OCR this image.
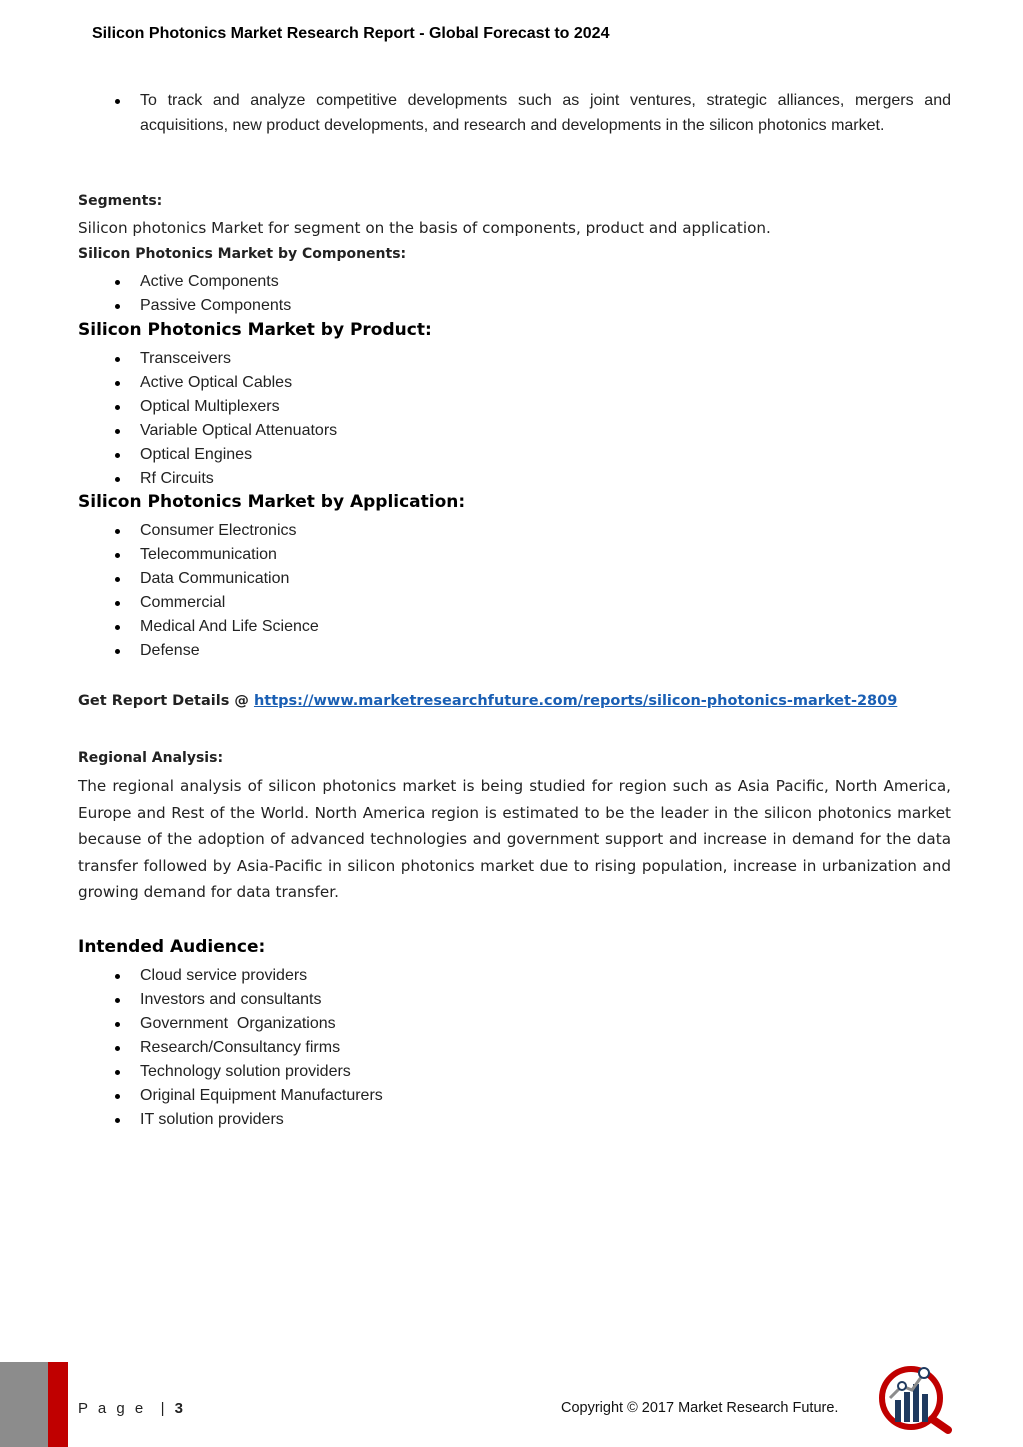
Silicon Photonics Market Research Report - Global Forecast to 2024
To track and analyze competitive developments such as joint ventures, strategic alliances, mergers and acquisitions, new product developments, and research and developments in the silicon photonics market.
Segments:
Silicon photonics Market for segment on the basis of components, product and application.
Silicon Photonics Market by Components:
Active Components
Passive Components
Silicon Photonics Market by Product:
Transceivers
Active Optical Cables
Optical Multiplexers
Variable Optical Attenuators
Optical Engines
Rf Circuits
Silicon Photonics Market by Application:
Consumer Electronics
Telecommunication
Data Communication
Commercial
Medical And Life Science
Defense
Get Report Details @ https://www.marketresearchfuture.com/reports/silicon-photonics-market-2809
Regional Analysis:
The regional analysis of silicon photonics market is being studied for region such as Asia Pacific, North America, Europe and Rest of the World. North America region is estimated to be the leader in the silicon photonics market because of the adoption of advanced technologies and government support and increase in demand for the data transfer followed by Asia-Pacific in silicon photonics market due to rising population, increase in urbanization and growing demand for data transfer.
Intended Audience:
Cloud service providers
Investors and consultants
Government  Organizations
Research/Consultancy firms
Technology solution providers
Original Equipment Manufacturers
IT solution providers
P a g e  | 3	Copyright © 2017 Market Research Future.
